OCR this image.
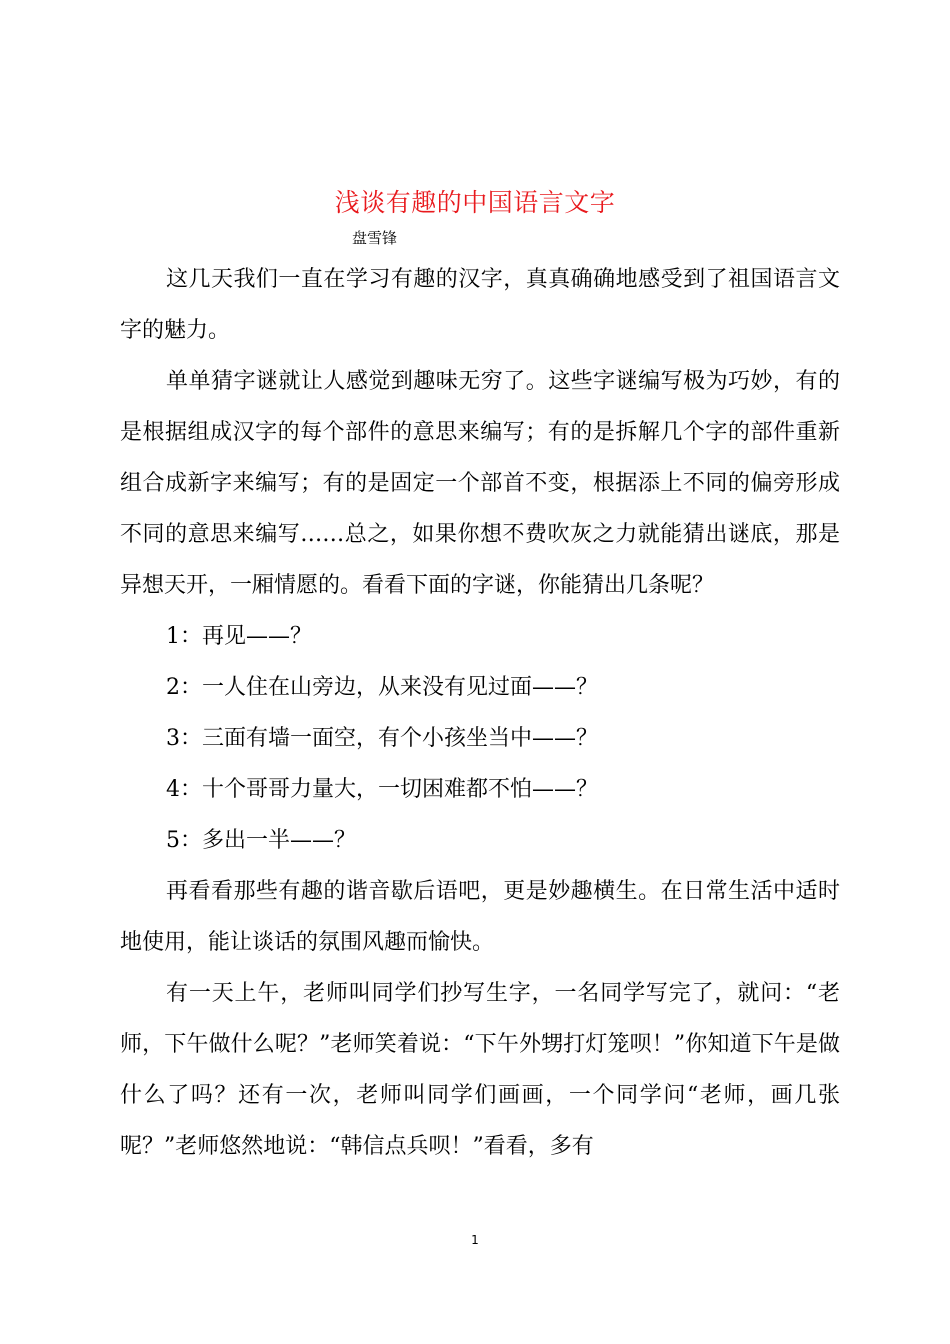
浅谈有趣的中国语言文字
盘雪锋

这几天我们一直在学习有趣的汉字，真真确确地感受到了祖国语言文字的魅力。

单单猜字谜就让人感觉到趣味无穷了。这些字谜编写极为巧妙，有的是根据组成汉字的每个部件的意思来编写；有的是拆解几个字的部件重新组合成新字来编写；有的是固定一个部首不变，根据添上不同的偏旁形成不同的意思来编写……总之，如果你想不费吹灰之力就能猜出谜底，那是异想天开，一厢情愿的。看看下面的字谜，你能猜出几条呢？

1：再见——？

2：一人住在山旁边，从来没有见过面——？

3：三面有墙一面空，有个小孩坐当中——？

4：十个哥哥力量大，一切困难都不怕——？

5：多出一半——？

再看看那些有趣的谐音歇后语吧，更是妙趣横生。在日常生活中适时地使用，能让谈话的氛围风趣而愉快。

有一天上午，老师叫同学们抄写生字，一名同学写完了，就问：“老师，下午做什么呢？”老师笑着说：“下午外甥打灯笼呗！”你知道下午是做什么了吗？还有一次，老师叫同学们画画，一个同学问“老师，画几张呢？”老师悠然地说：“韩信点兵呗！”看看，多有

1
